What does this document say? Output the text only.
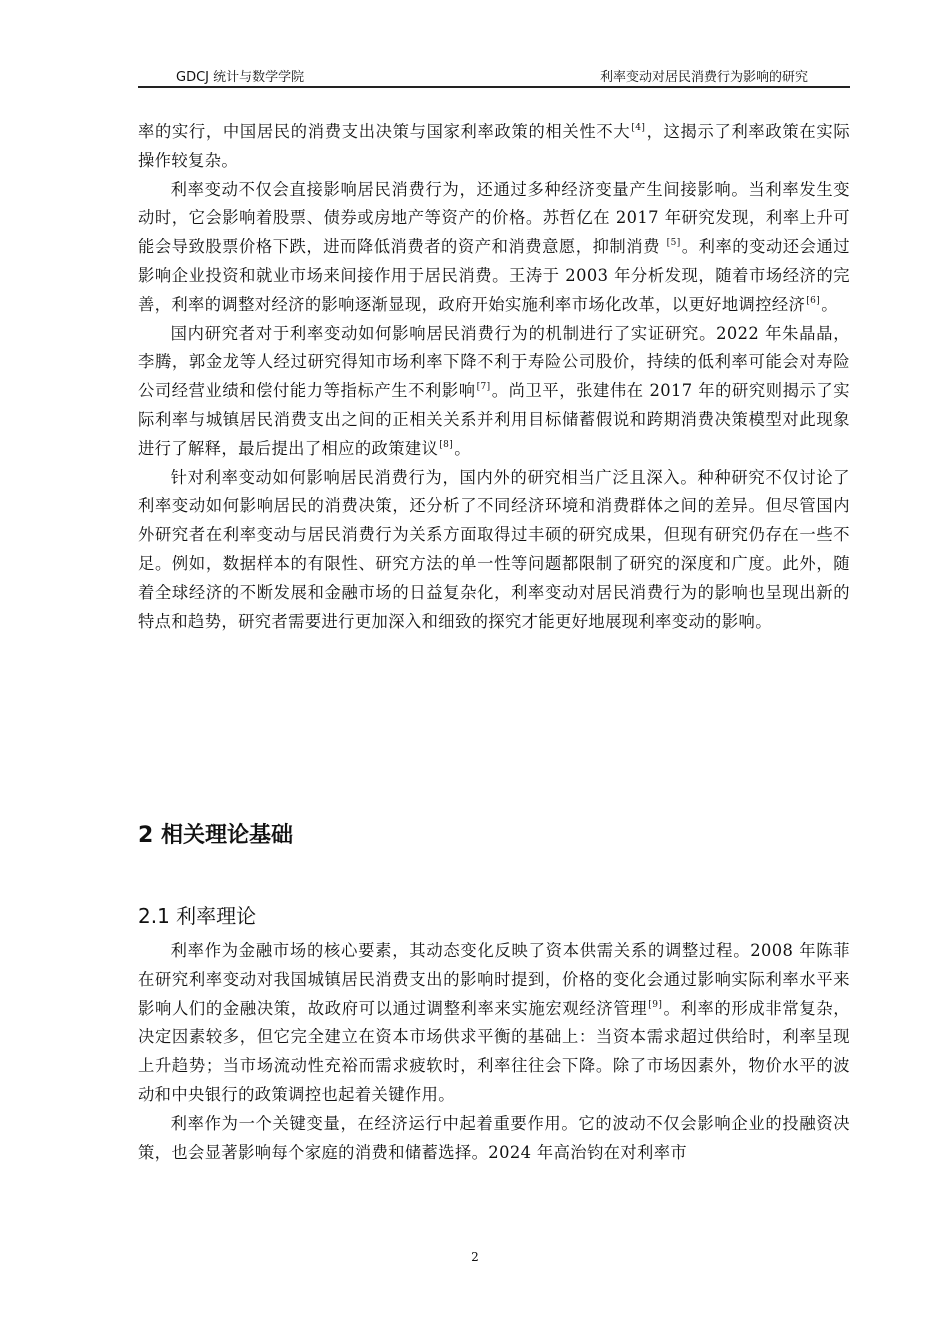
GDCJ 统计与数学学院	利率变动对居民消费行为影响的研究

率的实行，中国居民的消费支出决策与国家利率政策的相关性不大[4]，这揭示了利率政策在实际操作较复杂。

利率变动不仅会直接影响居民消费行为，还通过多种经济变量产生间接影响。当利率发生变动时，它会影响着股票、债券或房地产等资产的价格。苏哲亿在 2017 年研究发现，利率上升可能会导致股票价格下跌，进而降低消费者的资产和消费意愿，抑制消费 [5]。利率的变动还会通过影响企业投资和就业市场来间接作用于居民消费。王涛于 2003 年分析发现，随着市场经济的完善，利率的调整对经济的影响逐渐显现，政府开始实施利率市场化改革，以更好地调控经济[6]。

国内研究者对于利率变动如何影响居民消费行为的机制进行了实证研究。2022 年朱晶晶，李腾，郭金龙等人经过研究得知市场利率下降不利于寿险公司股价，持续的低利率可能会对寿险公司经营业绩和偿付能力等指标产生不利影响[7]。尚卫平，张建伟在 2017 年的研究则揭示了实际利率与城镇居民消费支出之间的正相关关系并利用目标储蓄假说和跨期消费决策模型对此现象进行了解释，最后提出了相应的政策建议[8]。

针对利率变动如何影响居民消费行为，国内外的研究相当广泛且深入。种种研究不仅讨论了利率变动如何影响居民的消费决策，还分析了不同经济环境和消费群体之间的差异。但尽管国内外研究者在利率变动与居民消费行为关系方面取得过丰硕的研究成果，但现有研究仍存在一些不足。例如，数据样本的有限性、研究方法的单一性等问题都限制了研究的深度和广度。此外，随着全球经济的不断发展和金融市场的日益复杂化，利率变动对居民消费行为的影响也呈现出新的特点和趋势，研究者需要进行更加深入和细致的探究才能更好地展现利率变动的影响。

2 相关理论基础
2.1 利率理论

利率作为金融市场的核心要素，其动态变化反映了资本供需关系的调整过程。2008 年陈菲在研究利率变动对我国城镇居民消费支出的影响时提到，价格的变化会通过影响实际利率水平来影响人们的金融决策，故政府可以通过调整利率来实施宏观经济管理[9]。利率的形成非常复杂，决定因素较多，但它完全建立在资本市场供求平衡的基础上：当资本需求超过供给时，利率呈现上升趋势；当市场流动性充裕而需求疲软时，利率往往会下降。除了市场因素外，物价水平的波动和中央银行的政策调控也起着关键作用。

利率作为一个关键变量，在经济运行中起着重要作用。它的波动不仅会影响企业的投融资决策，也会显著影响每个家庭的消费和储蓄选择。2024 年高治钧在对利率市

2
